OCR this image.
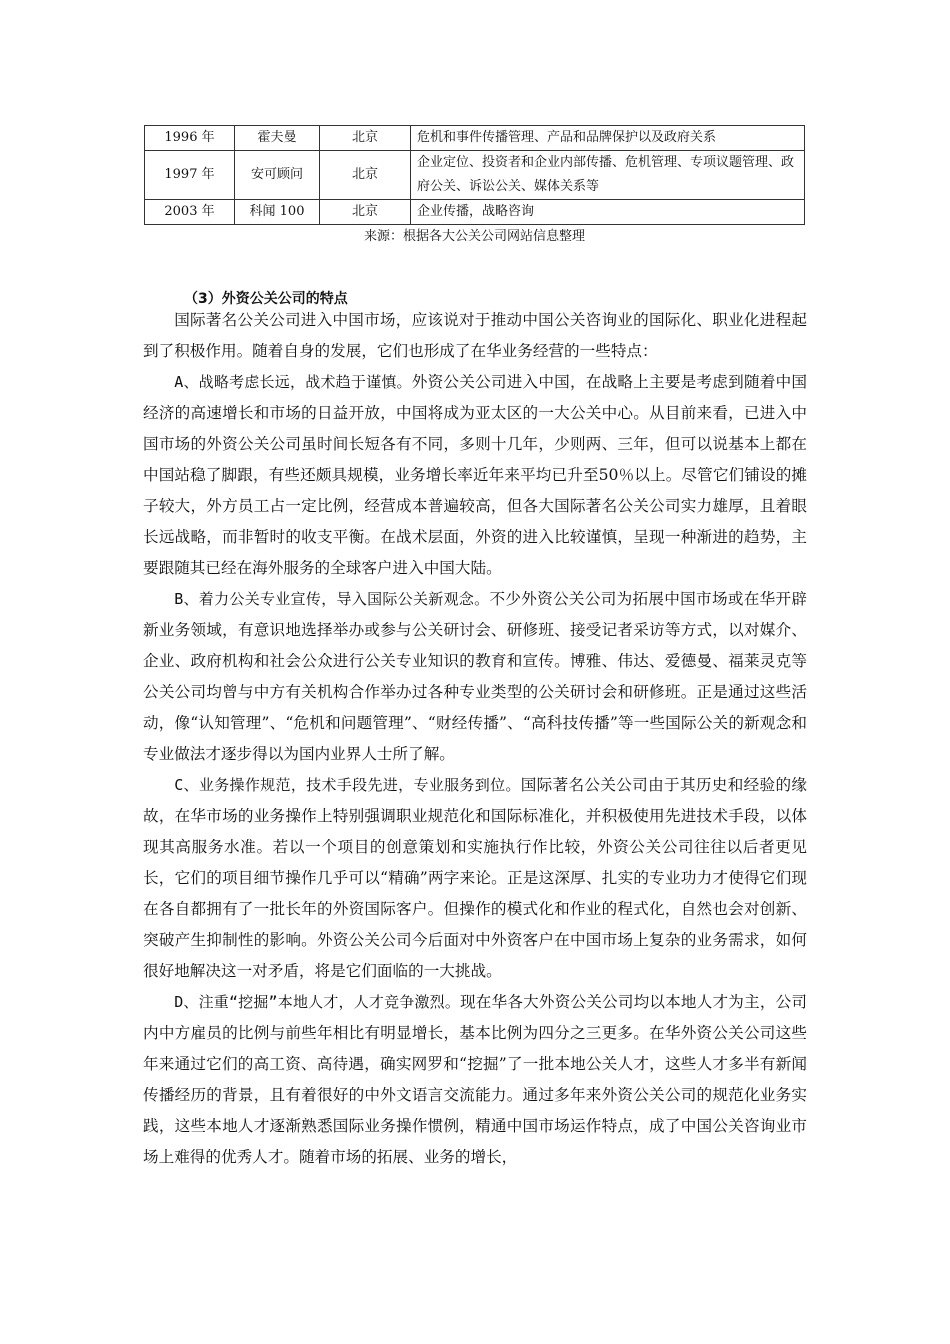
1996 年	霍夫曼	北京	危机和事件传播管理、产品和品牌保护以及政府关系
1997 年	安可顾问	北京	企业定位、投资者和企业内部传播、危机管理、专项议题管理、政府公关、诉讼公关、媒体关系等
2003 年	科闻 100	北京	企业传播，战略咨询
来源：根据各大公关公司网站信息整理
（3）外资公关公司的特点

国际著名公关公司进入中国市场，应该说对于推动中国公关咨询业的国际化、职业化进程起到了积极作用。随着自身的发展，它们也形成了在华业务经营的一些特点：

A、战略考虑长远，战术趋于谨慎。外资公关公司进入中国，在战略上主要是考虑到随着中国经济的高速增长和市场的日益开放，中国将成为亚太区的一大公关中心。从目前来看，已进入中国市场的外资公关公司虽时间长短各有不同，多则十几年，少则两、三年，但可以说基本上都在中国站稳了脚跟，有些还颇具规模，业务增长率近年来平均已升至50％以上。尽管它们铺设的摊子较大，外方员工占一定比例，经营成本普遍较高，但各大国际著名公关公司实力雄厚，且着眼长远战略，而非暂时的收支平衡。在战术层面，外资的进入比较谨慎，呈现一种渐进的趋势，主要跟随其已经在海外服务的全球客户进入中国大陆。

B、着力公关专业宣传，导入国际公关新观念。不少外资公关公司为拓展中国市场或在华开辟新业务领域，有意识地选择举办或参与公关研讨会、研修班、接受记者采访等方式，以对媒介、企业、政府机构和社会公众进行公关专业知识的教育和宣传。博雅、伟达、爱德曼、福莱灵克等公关公司均曾与中方有关机构合作举办过各种专业类型的公关研讨会和研修班。正是通过这些活动，像“认知管理”、“危机和问题管理”、“财经传播”、“高科技传播”等一些国际公关的新观念和专业做法才逐步得以为国内业界人士所了解。

C、业务操作规范，技术手段先进，专业服务到位。国际著名公关公司由于其历史和经验的缘故，在华市场的业务操作上特别强调职业规范化和国际标准化，并积极使用先进技术手段，以体现其高服务水准。若以一个项目的创意策划和实施执行作比较，外资公关公司往往以后者更见长，它们的项目细节操作几乎可以“精确”两字来论。正是这深厚、扎实的专业功力才使得它们现在各自都拥有了一批长年的外资国际客户。但操作的模式化和作业的程式化，自然也会对创新、突破产生抑制性的影响。外资公关公司今后面对中外资客户在中国市场上复杂的业务需求，如何很好地解决这一对矛盾，将是它们面临的一大挑战。

D、注重“挖掘”本地人才，人才竞争激烈。现在华各大外资公关公司均以本地人才为主，公司内中方雇员的比例与前些年相比有明显增长，基本比例为四分之三更多。在华外资公关公司这些年来通过它们的高工资、高待遇，确实网罗和“挖掘”了一批本地公关人才，这些人才多半有新闻传播经历的背景，且有着很好的中外文语言交流能力。通过多年来外资公关公司的规范化业务实践，这些本地人才逐渐熟悉国际业务操作惯例，精通中国市场运作特点，成了中国公关咨询业市场上难得的优秀人才。随着市场的拓展、业务的增长，
